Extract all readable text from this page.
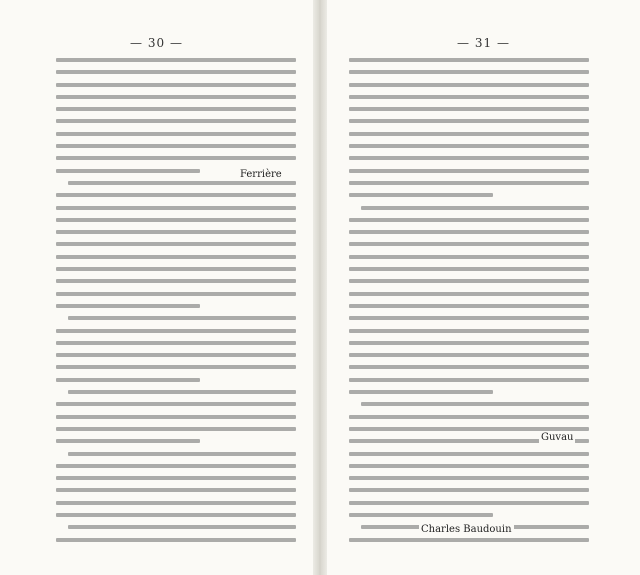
— 30 —
Ferrière
— 31 —
Guvau
Charles Baudouin
